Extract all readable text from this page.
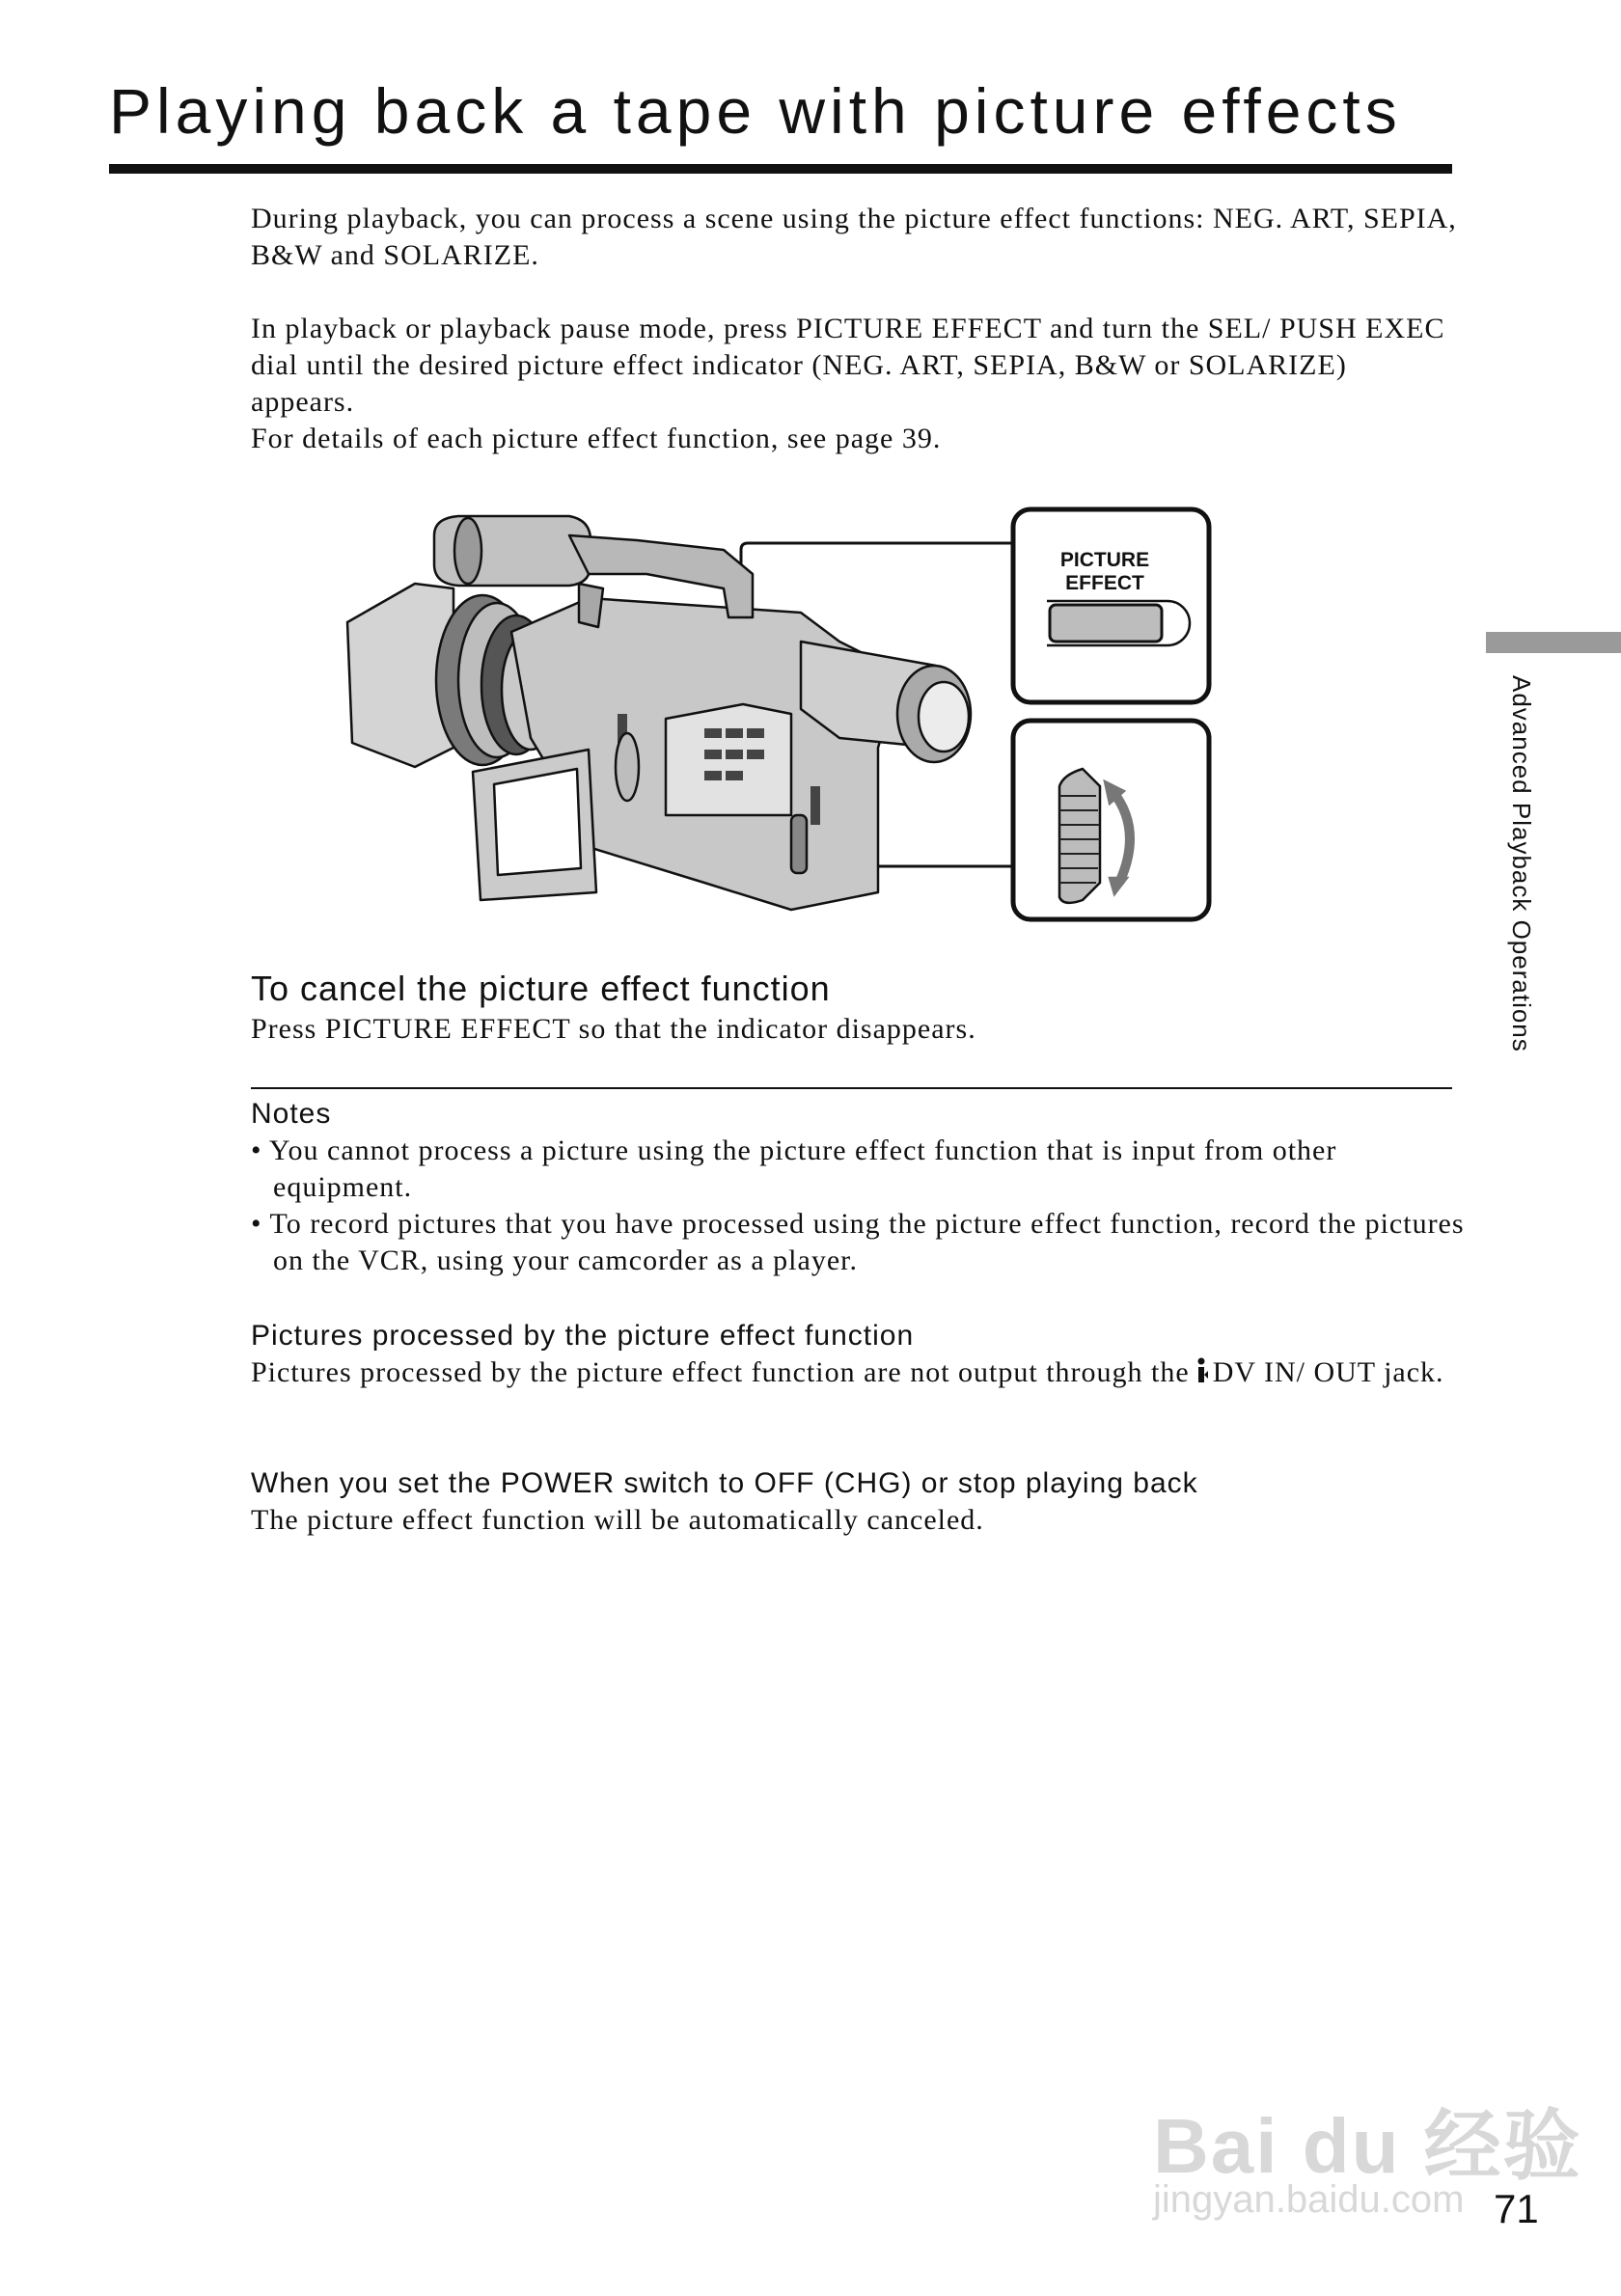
Playing back a tape with picture effects
During playback, you can process a scene using the picture effect functions: NEG. ART, SEPIA, B&W and SOLARIZE.
In playback or playback pause mode, press PICTURE EFFECT and turn the SEL/ PUSH EXEC dial until the desired picture effect indicator (NEG. ART, SEPIA, B&W or SOLARIZE) appears.
For details of each picture effect function, see page 39.
PICTURE
EFFECT
To cancel the picture effect function
Press PICTURE EFFECT so that the indicator disappears.
Notes
• You cannot process a picture using the picture effect function that is input from other equipment.
• To record pictures that you have processed using the picture effect function, record the pictures on the VCR, using your camcorder as a player.
Pictures processed by the picture effect function
Pictures processed by the picture effect function are not output through the DV IN/ OUT jack.
When you set the POWER switch to OFF (CHG) or stop playing back
The picture effect function will be automatically canceled.
Advanced Playback Operations
Bai du 经验
jingyan.baidu.com 71
